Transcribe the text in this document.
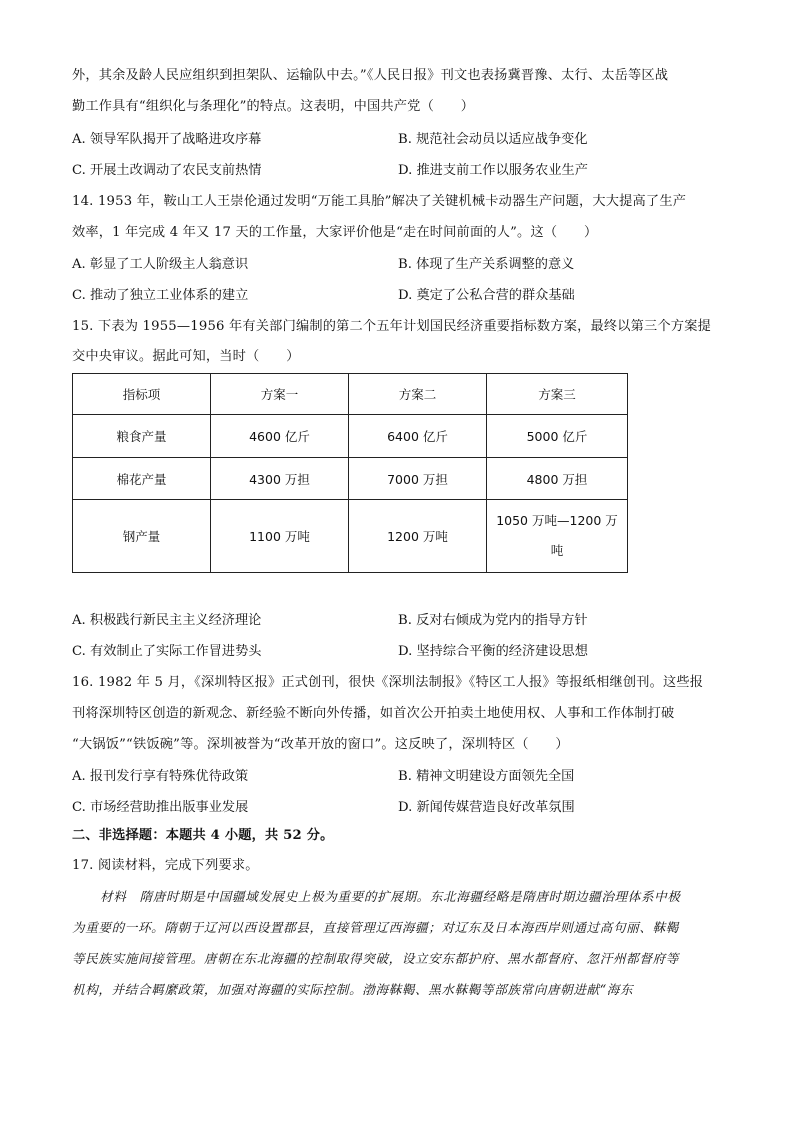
外，其余及龄人民应组织到担架队、运输队中去。”《人民日报》刊文也表扬冀晋豫、太行、太岳等区战
勤工作具有“组织化与条理化”的特点。这表明，中国共产党（　　）
A. 领导军队揭开了战略进攻序幕	B. 规范社会动员以适应战争变化
C. 开展土改调动了农民支前热情	D. 推进支前工作以服务农业生产
14. 1953 年，鞍山工人王崇伦通过发明“万能工具胎”解决了关键机械卡动器生产问题，大大提高了生产
效率，1 年完成 4 年又 17 天的工作量，大家评价他是“走在时间前面的人”。这（　　）
A. 彰显了工人阶级主人翁意识	B. 体现了生产关系调整的意义
C. 推动了独立工业体系的建立	D. 奠定了公私合营的群众基础
15. 下表为 1955—1956 年有关部门编制的第二个五年计划国民经济重要指标数方案，最终以第三个方案提
交中央审议。据此可知，当时（　　）
指标项	方案一	方案二	方案三
粮食产量	4600 亿斤	6400 亿斤	5000 亿斤
棉花产量	4300 万担	7000 万担	4800 万担
钢产量	1100 万吨	1200 万吨	1050 万吨—1200 万
吨
A. 积极践行新民主主义经济理论	B. 反对右倾成为党内的指导方针
C. 有效制止了实际工作冒进势头	D. 坚持综合平衡的经济建设思想
16. 1982 年 5 月，《深圳特区报》正式创刊，很快《深圳法制报》《特区工人报》等报纸相继创刊。这些报
刊将深圳特区创造的新观念、新经验不断向外传播，如首次公开拍卖土地使用权、人事和工作体制打破
“大锅饭”“铁饭碗”等。深圳被誉为“改革开放的窗口”。这反映了，深圳特区（　　）
A. 报刊发行享有特殊优待政策	B. 精神文明建设方面领先全国
C. 市场经营助推出版事业发展	D. 新闻传媒营造良好改革氛围
二、非选择题：本题共 4 小题，共 52 分。
17. 阅读材料，完成下列要求。
材料　隋唐时期是中国疆域发展史上极为重要的扩展期。东北海疆经略是隋唐时期边疆治理体系中极
为重要的一环。隋朝于辽河以西设置郡县，直接管理辽西海疆；对辽东及日本海西岸则通过高句丽、靺鞨
等民族实施间接管理。唐朝在东北海疆的控制取得突破，设立安东都护府、黑水都督府、忽汗州都督府等
机构，并结合羁縻政策，加强对海疆的实际控制。渤海靺鞨、黑水靺鞨等部族常向唐朝进献“海东
